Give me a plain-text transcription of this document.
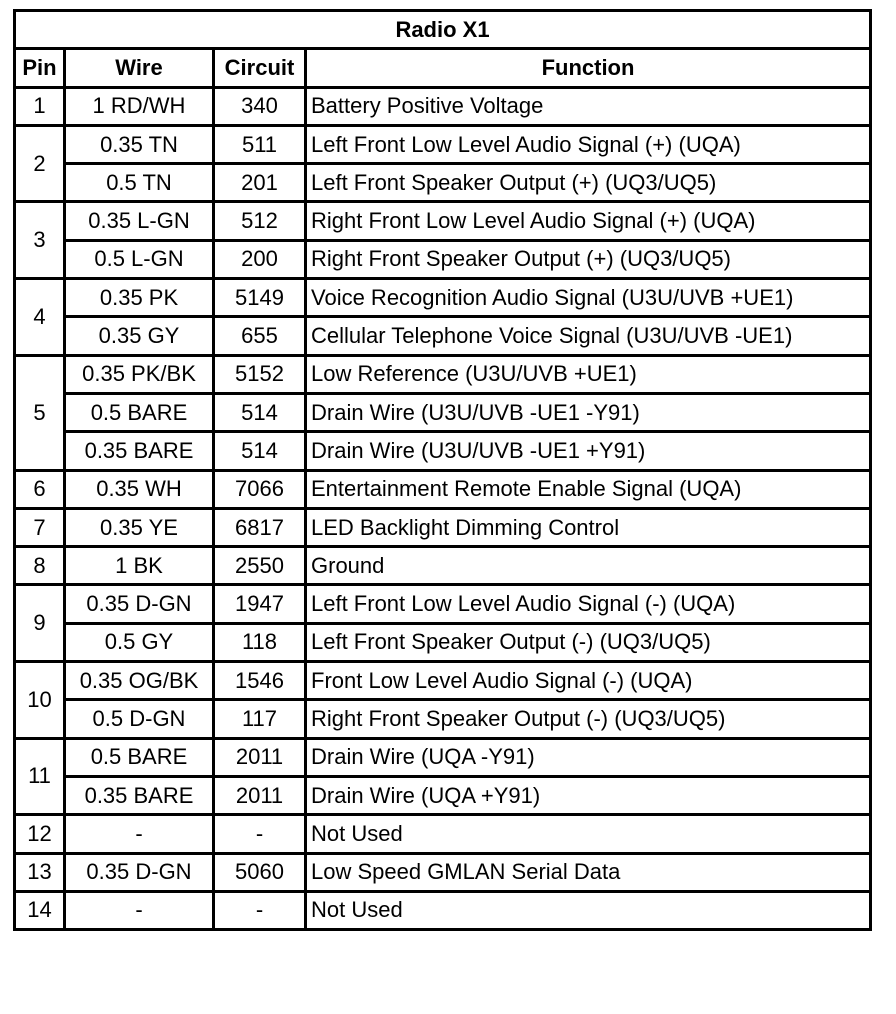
Radio X1			
Pin	Wire	Circuit	Function
1	1 RD/WH	340	Battery Positive Voltage
2	0.35 TN	511	Left Front Low Level Audio Signal (+) (UQA)
	0.5 TN	201	Left Front Speaker Output (+) (UQ3/UQ5)
3	0.35 L-GN	512	Right Front Low Level Audio Signal (+) (UQA)
	0.5 L-GN	200	Right Front Speaker Output (+) (UQ3/UQ5)
4	0.35 PK	5149	Voice Recognition Audio Signal (U3U/UVB +UE1)
	0.35 GY	655	Cellular Telephone Voice Signal (U3U/UVB -UE1)
5	0.35 PK/BK	5152	Low Reference (U3U/UVB +UE1)
	0.5 BARE	514	Drain Wire (U3U/UVB -UE1 -Y91)
	0.35 BARE	514	Drain Wire (U3U/UVB -UE1 +Y91)
6	0.35 WH	7066	Entertainment Remote Enable Signal (UQA)
7	0.35 YE	6817	LED Backlight Dimming Control
8	1 BK	2550	Ground
9	0.35 D-GN	1947	Left Front Low Level Audio Signal (-) (UQA)
	0.5 GY	118	Left Front Speaker Output (-) (UQ3/UQ5)
10	0.35 OG/BK	1546	Front Low Level Audio Signal (-) (UQA)
	0.5 D-GN	117	Right Front Speaker Output (-) (UQ3/UQ5)
11	0.5 BARE	2011	Drain Wire (UQA -Y91)
	0.35 BARE	2011	Drain Wire (UQA +Y91)
12	-	-	Not Used
13	0.35 D-GN	5060	Low Speed GMLAN Serial Data
14	-	-	Not Used
